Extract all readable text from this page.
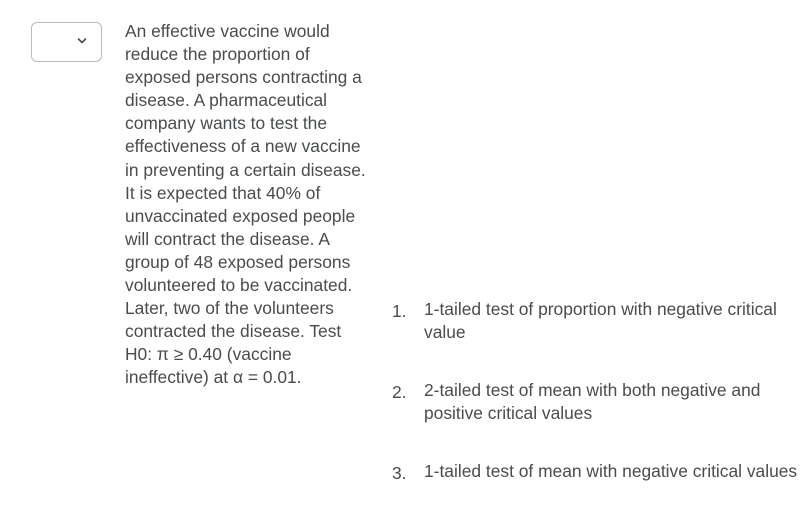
An effective vaccine would reduce the proportion of exposed persons contracting a disease. A pharmaceutical company wants to test the effectiveness of a new vaccine in preventing a certain disease. It is expected that 40% of unvaccinated exposed people will contract the disease. A group of 48 exposed persons volunteered to be vaccinated. Later, two of the volunteers contracted the disease. Test H0: π ≥ 0.40 (vaccine ineffective) at α = 0.01.

1. 1-tailed test of proportion with negative critical value
2. 2-tailed test of mean with both negative and positive critical values
3. 1-tailed test of mean with negative critical values
